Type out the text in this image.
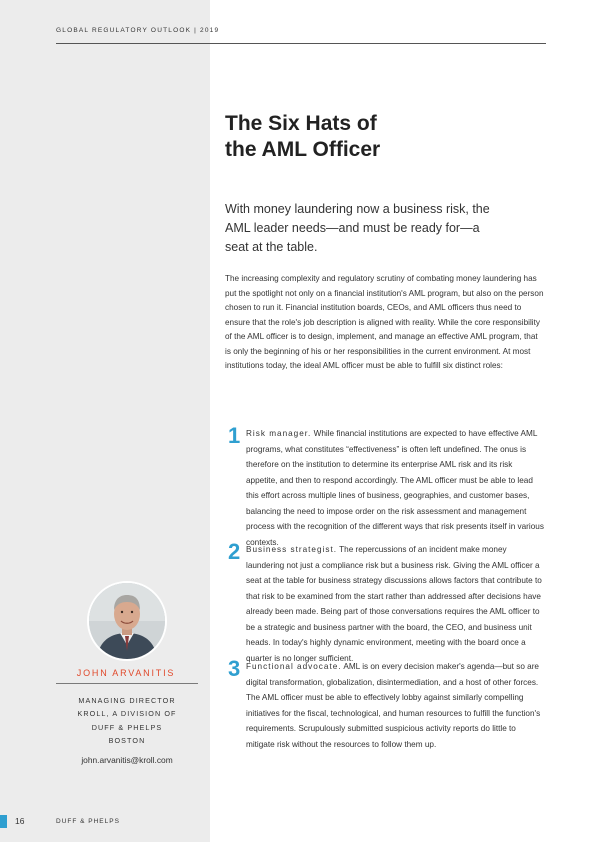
GLOBAL REGULATORY OUTLOOK | 2019
The Six Hats of
the AML Officer

With money laundering now a business risk, the AML leader needs—and must be ready for—a seat at the table.

The increasing complexity and regulatory scrutiny of combating money laundering has put the spotlight not only on a financial institution's AML program, but also on the person chosen to run it. Financial institution boards, CEOs, and AML officers thus need to ensure that the role's job description is aligned with reality. While the core responsibility of the AML officer is to design, implement, and manage an effective AML program, that is only the beginning of his or her responsibilities in the current environment. At most institutions today, the ideal AML officer must be able to fulfill six distinct roles:

1 Risk manager. While financial institutions are expected to have effective AML programs, what constitutes “effectiveness” is often left undefined. The onus is therefore on the institution to determine its enterprise AML risk and its risk appetite, and then to respond accordingly. The AML officer must be able to lead this effort across multiple lines of business, geographies, and customer bases, balancing the need to impose order on the risk assessment and management process with the recognition of the different ways that risk presents itself in various contexts.

2 Business strategist. The repercussions of an incident make money laundering not just a compliance risk but a business risk. Giving the AML officer a seat at the table for business strategy discussions allows factors that contribute to that risk to be examined from the start rather than addressed after decisions have already been made. Being part of those conversations requires the AML officer to be a strategic and business partner with the board, the CEO, and business unit heads. In today's highly dynamic environment, meeting with the board once a quarter is no longer sufficient.

3 Functional advocate. AML is on every decision maker's agenda—but so are digital transformation, globalization, disintermediation, and a host of other forces. The AML officer must be able to effectively lobby against similarly compelling initiatives for the fiscal, technological, and human resources to fulfill the function's requirements. Scrupulously submitted suspicious activity reports do little to mitigate risk without the resources to follow them up.

JOHN ARVANITIS
MANAGING DIRECTOR
KROLL, A DIVISION OF
DUFF & PHELPS
BOSTON
john.arvanitis@kroll.com
16	DUFF & PHELPS
